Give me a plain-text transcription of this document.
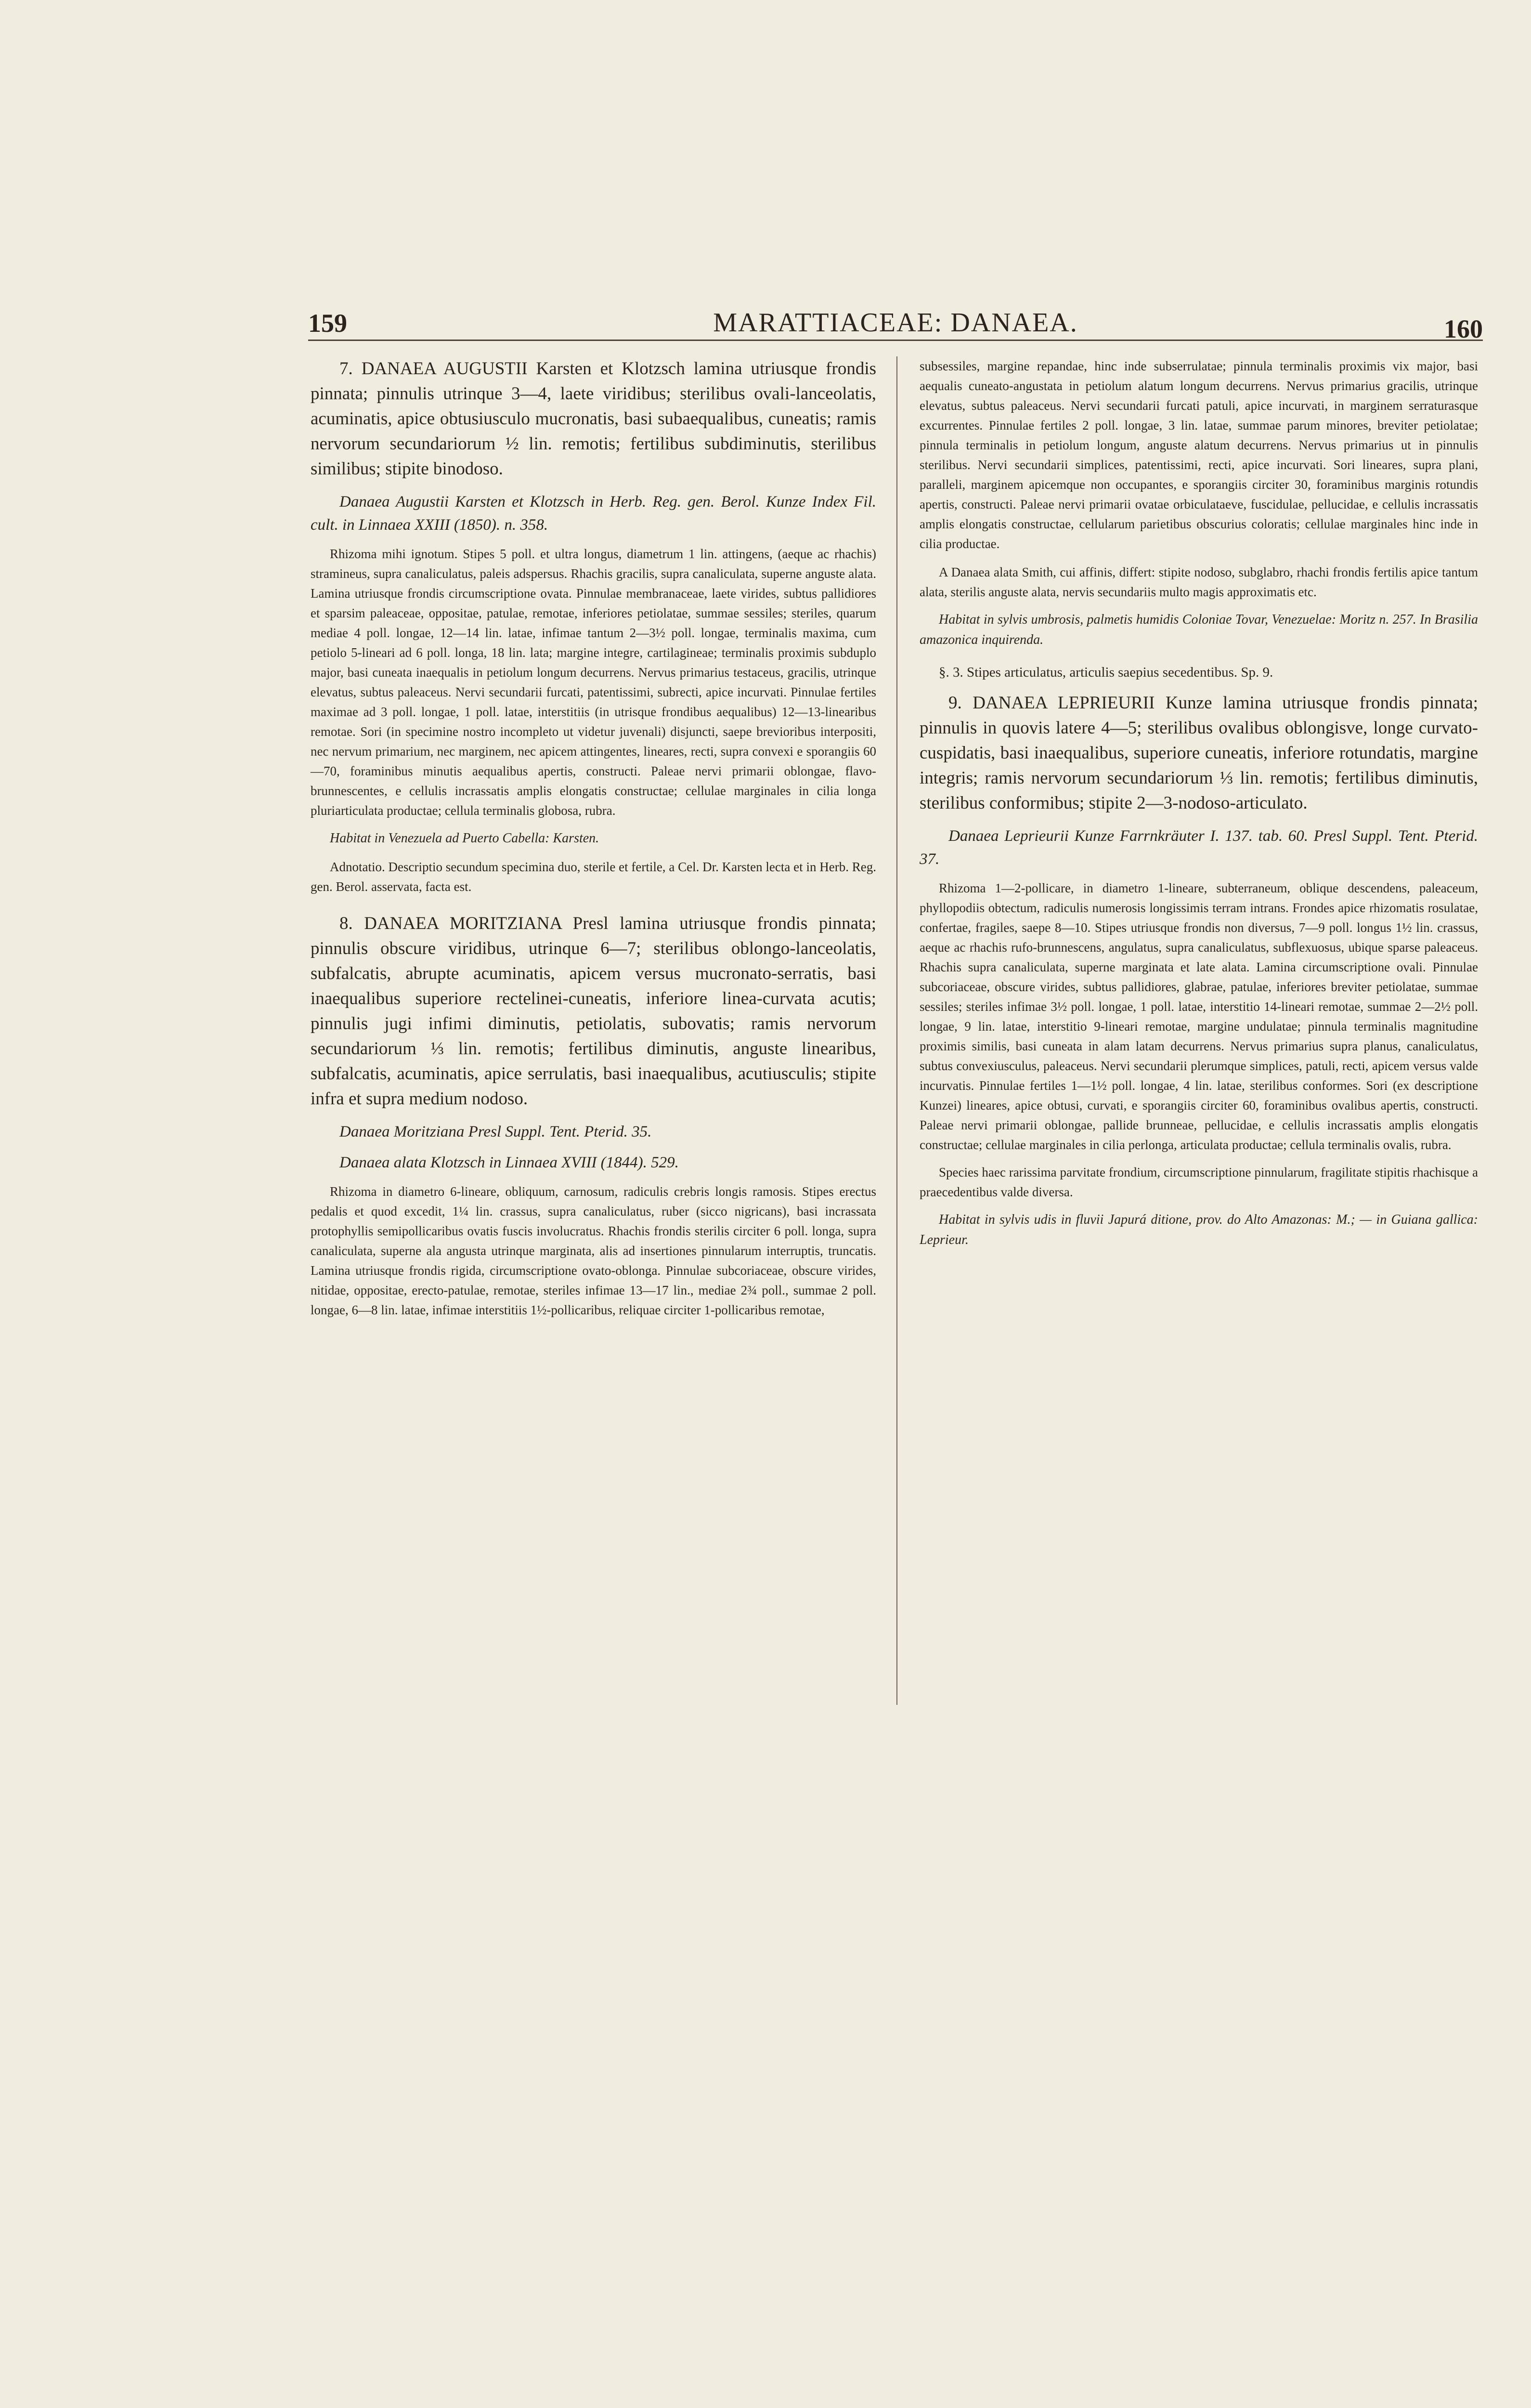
159	MARATTIACEAE: DANAEA.	160

7. DANAEA AUGUSTII Karsten et Klotzsch lamina utriusque frondis pinnata; pinnulis utrinque 3—4, laete viridibus; sterilibus ovali-lanceolatis, acuminatis, apice obtusiusculo mucronatis, basi subaequalibus, cuneatis; ramis nervorum secundariorum ½ lin. remotis; fertilibus subdiminutis, sterilibus similibus; stipite binodoso.

Danaea Augustii Karsten et Klotzsch in Herb. Reg. gen. Berol. Kunze Index Fil. cult. in Linnaea XXIII (1850). n. 358.

Rhizoma mihi ignotum. Stipes 5 poll. et ultra longus, diametrum 1 lin. attingens, (aeque ac rhachis) stramineus, supra canaliculatus, paleis adspersus. Rhachis gracilis, supra canaliculata, superne anguste alata. Lamina utriusque frondis circumscriptione ovata. Pinnulae membranaceae, laete virides, subtus pallidiores et sparsim paleaceae, oppositae, patulae, remotae, inferiores petiolatae, summae sessiles; steriles, quarum mediae 4 poll. longae, 12—14 lin. latae, infimae tantum 2—3½ poll. longae, terminalis maxima, cum petiolo 5-lineari ad 6 poll. longa, 18 lin. lata; margine integre, cartilagineae; terminalis proximis subduplo major, basi cuneata inaequalis in petiolum longum decurrens. Nervus primarius testaceus, gracilis, utrinque elevatus, subtus paleaceus. Nervi secundarii furcati, patentissimi, subrecti, apice incurvati. Pinnulae fertiles maximae ad 3 poll. longae, 1 poll. latae, interstitiis (in utrisque frondibus aequalibus) 12—13-linearibus remotae. Sori (in specimine nostro incompleto ut videtur juvenali) disjuncti, saepe brevioribus interpositi, nec nervum primarium, nec marginem, nec apicem attingentes, lineares, recti, supra convexi e sporangiis 60—70, foraminibus minutis aequalibus apertis, constructi. Paleae nervi primarii oblongae, flavo-brunnescentes, e cellulis incrassatis amplis elongatis constructae; cellulae marginales in cilia longa pluriarticulata productae; cellula terminalis globosa, rubra.

Habitat in Venezuela ad Puerto Cabella: Karsten.

Adnotatio. Descriptio secundum specimina duo, sterile et fertile, a Cel. Dr. Karsten lecta et in Herb. Reg. gen. Berol. asservata, facta est.

8. DANAEA MORITZIANA Presl lamina utriusque frondis pinnata; pinnulis obscure viridibus, utrinque 6—7; sterilibus oblongo-lanceolatis, subfalcatis, abrupte acuminatis, apicem versus mucronato-serratis, basi inaequalibus superiore rectelinei-cuneatis, inferiore linea-curvata acutis; pinnulis jugi infimi diminutis, petiolatis, subovatis; ramis nervorum secundariorum ⅓ lin. remotis; fertilibus diminutis, anguste linearibus, subfalcatis, acuminatis, apice serrulatis, basi inaequalibus, acutiusculis; stipite infra et supra medium nodoso.

Danaea Moritziana Presl Suppl. Tent. Pterid. 35.

Danaea alata Klotzsch in Linnaea XVIII (1844). 529.

Rhizoma in diametro 6-lineare, obliquum, carnosum, radiculis crebris longis ramosis. Stipes erectus pedalis et quod excedit, 1¼ lin. crassus, supra canaliculatus, ruber (sicco nigricans), basi incrassata protophyllis semipollicaribus ovatis fuscis involucratus. Rhachis frondis sterilis circiter 6 poll. longa, supra canaliculata, superne ala angusta utrinque marginata, alis ad insertiones pinnularum interruptis, truncatis. Lamina utriusque frondis rigida, circumscriptione ovato-oblonga. Pinnulae subcoriaceae, obscure virides, nitidae, oppositae, erecto-patulae, remotae, steriles infimae 13—17 lin., mediae 2¾ poll., summae 2 poll. longae, 6—8 lin. latae, infimae interstitiis 1½-pollicaribus, reliquae circiter 1-pollicaribus remotae,

subsessiles, margine repandae, hinc inde subserrulatae; pinnula terminalis proximis vix major, basi aequalis cuneato-angustata in petiolum alatum longum decurrens. Nervus primarius gracilis, utrinque elevatus, subtus paleaceus. Nervi secundarii furcati patuli, apice incurvati, in marginem serraturasque excurrentes. Pinnulae fertiles 2 poll. longae, 3 lin. latae, summae parum minores, breviter petiolatae; pinnula terminalis in petiolum longum, anguste alatum decurrens. Nervus primarius ut in pinnulis sterilibus. Nervi secundarii simplices, patentissimi, recti, apice incurvati. Sori lineares, supra plani, paralleli, marginem apicemque non occupantes, e sporangiis circiter 30, foraminibus marginis rotundis apertis, constructi. Paleae nervi primarii ovatae orbiculataeve, fuscidulae, pellucidae, e cellulis incrassatis amplis elongatis constructae, cellularum parietibus obscurius coloratis; cellulae marginales hinc inde in cilia productae.

A Danaea alata Smith, cui affinis, differt: stipite nodoso, subglabro, rhachi frondis fertilis apice tantum alata, sterilis anguste alata, nervis secundariis multo magis approximatis etc.

Habitat in sylvis umbrosis, palmetis humidis Coloniae Tovar, Venezuelae: Moritz n. 257. In Brasilia amazonica inquirenda.

§. 3. Stipes articulatus, articulis saepius secedentibus. Sp. 9.

9. DANAEA LEPRIEURII Kunze lamina utriusque frondis pinnata; pinnulis in quovis latere 4—5; sterilibus ovalibus oblongisve, longe curvato-cuspidatis, basi inaequalibus, superiore cuneatis, inferiore rotundatis, margine integris; ramis nervorum secundariorum ⅓ lin. remotis; fertilibus diminutis, sterilibus conformibus; stipite 2—3-nodoso-articulato.

Danaea Leprieurii Kunze Farrnkräuter I. 137. tab. 60. Presl Suppl. Tent. Pterid. 37.

Rhizoma 1—2-pollicare, in diametro 1-lineare, subterraneum, oblique descendens, paleaceum, phyllopodiis obtectum, radiculis numerosis longissimis terram intrans. Frondes apice rhizomatis rosulatae, confertae, fragiles, saepe 8—10. Stipes utriusque frondis non diversus, 7—9 poll. longus 1½ lin. crassus, aeque ac rhachis rufo-brunnescens, angulatus, supra canaliculatus, subflexuosus, ubique sparse paleaceus. Rhachis supra canaliculata, superne marginata et late alata. Lamina circumscriptione ovali. Pinnulae subcoriaceae, obscure virides, subtus pallidiores, glabrae, patulae, inferiores breviter petiolatae, summae sessiles; steriles infimae 3½ poll. longae, 1 poll. latae, interstitio 14-lineari remotae, summae 2—2½ poll. longae, 9 lin. latae, interstitio 9-lineari remotae, margine undulatae; pinnula terminalis magnitudine proximis similis, basi cuneata in alam latam decurrens. Nervus primarius supra planus, canaliculatus, subtus convexiusculus, paleaceus. Nervi secundarii plerumque simplices, patuli, recti, apicem versus valde incurvatis. Pinnulae fertiles 1—1½ poll. longae, 4 lin. latae, sterilibus conformes. Sori (ex descriptione Kunzei) lineares, apice obtusi, curvati, e sporangiis circiter 60, foraminibus ovalibus apertis, constructi. Paleae nervi primarii oblongae, pallide brunneae, pellucidae, e cellulis incrassatis amplis elongatis constructae; cellulae marginales in cilia perlonga, articulata productae; cellula terminalis ovalis, rubra.

Species haec rarissima parvitate frondium, circumscriptione pinnularum, fragilitate stipitis rhachisque a praecedentibus valde diversa.

Habitat in sylvis udis in fluvii Japurá ditione, prov. do Alto Amazonas: M.; — in Guiana gallica: Leprieur.
